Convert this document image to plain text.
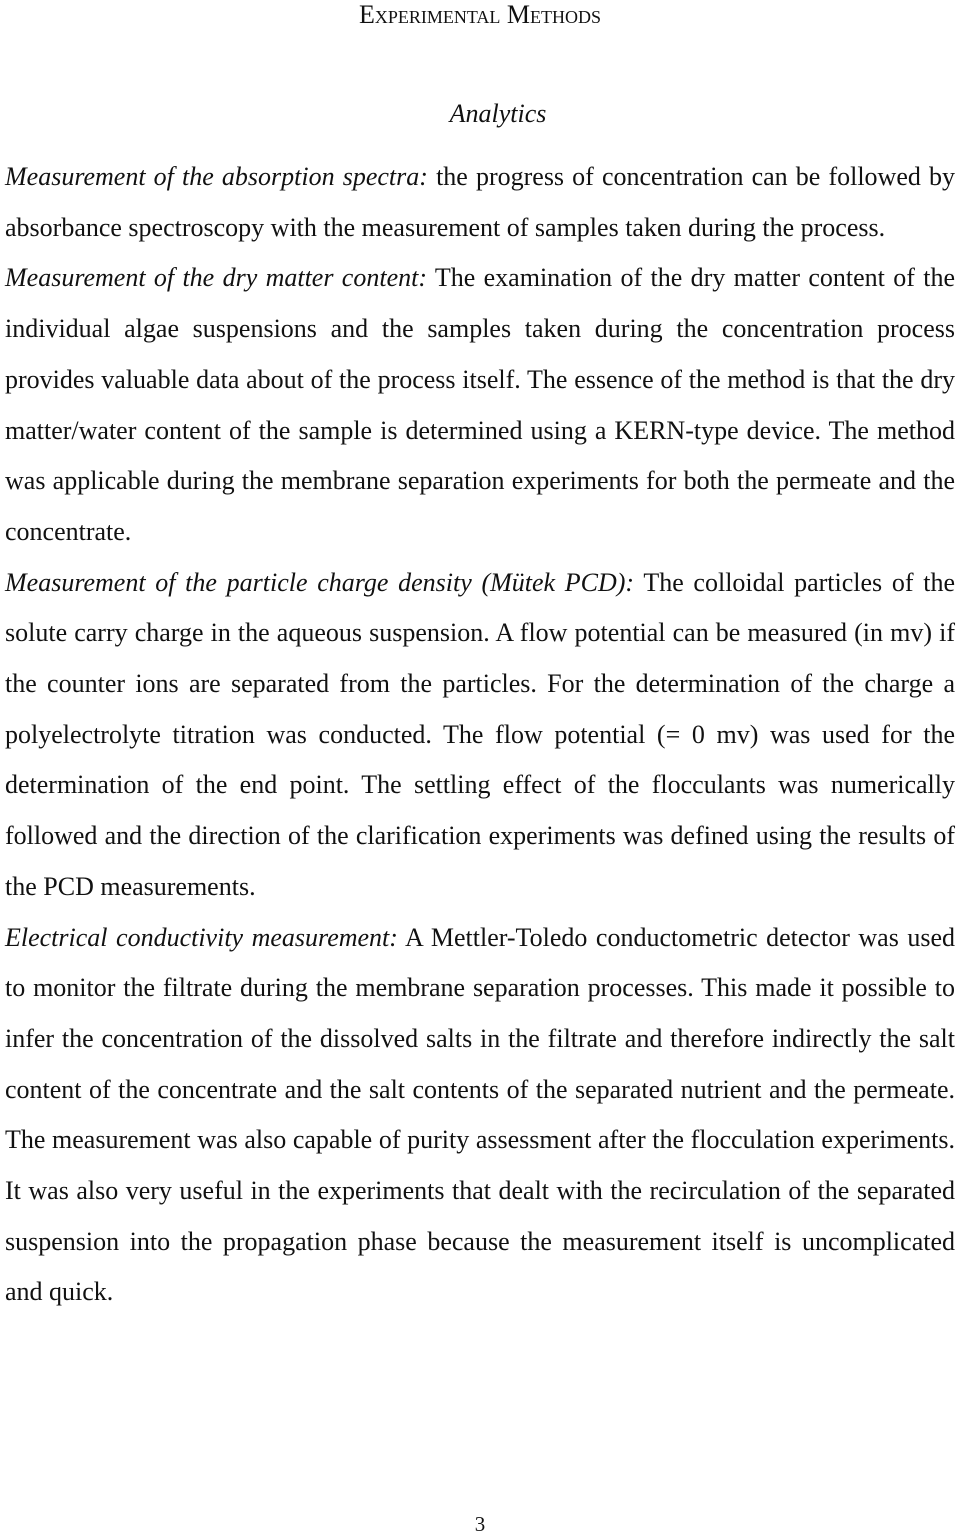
Experimental Methods
Analytics

Measurement of the absorption spectra: the progress of concentration can be followed by absorbance spectroscopy with the measurement of samples taken during the process.

Measurement of the dry matter content: The examination of the dry matter content of the individual algae suspensions and the samples taken during the concentration process provides valuable data about of the process itself. The essence of the method is that the dry matter/water content of the sample is determined using a KERN-type device. The method was applicable during the membrane separation experiments for both the permeate and the concentrate.

Measurement of the particle charge density (Mütek PCD): The colloidal particles of the solute carry charge in the aqueous suspension. A flow potential can be measured (in mv) if the counter ions are separated from the particles. For the determination of the charge a polyelectrolyte titration was conducted. The flow potential (= 0 mv) was used for the determination of the end point. The settling effect of the flocculants was numerically followed and the direction of the clarification experiments was defined using the results of the PCD measurements.

Electrical conductivity measurement: A Mettler-Toledo conductometric detector was used to monitor the filtrate during the membrane separation processes. This made it possible to infer the concentration of the dissolved salts in the filtrate and therefore indirectly the salt content of the concentrate and the salt contents of the separated nutrient and the permeate. The measurement was also capable of purity assessment after the flocculation experiments. It was also very useful in the experiments that dealt with the recirculation of the separated suspension into the propagation phase because the measurement itself is uncomplicated and quick.

3
